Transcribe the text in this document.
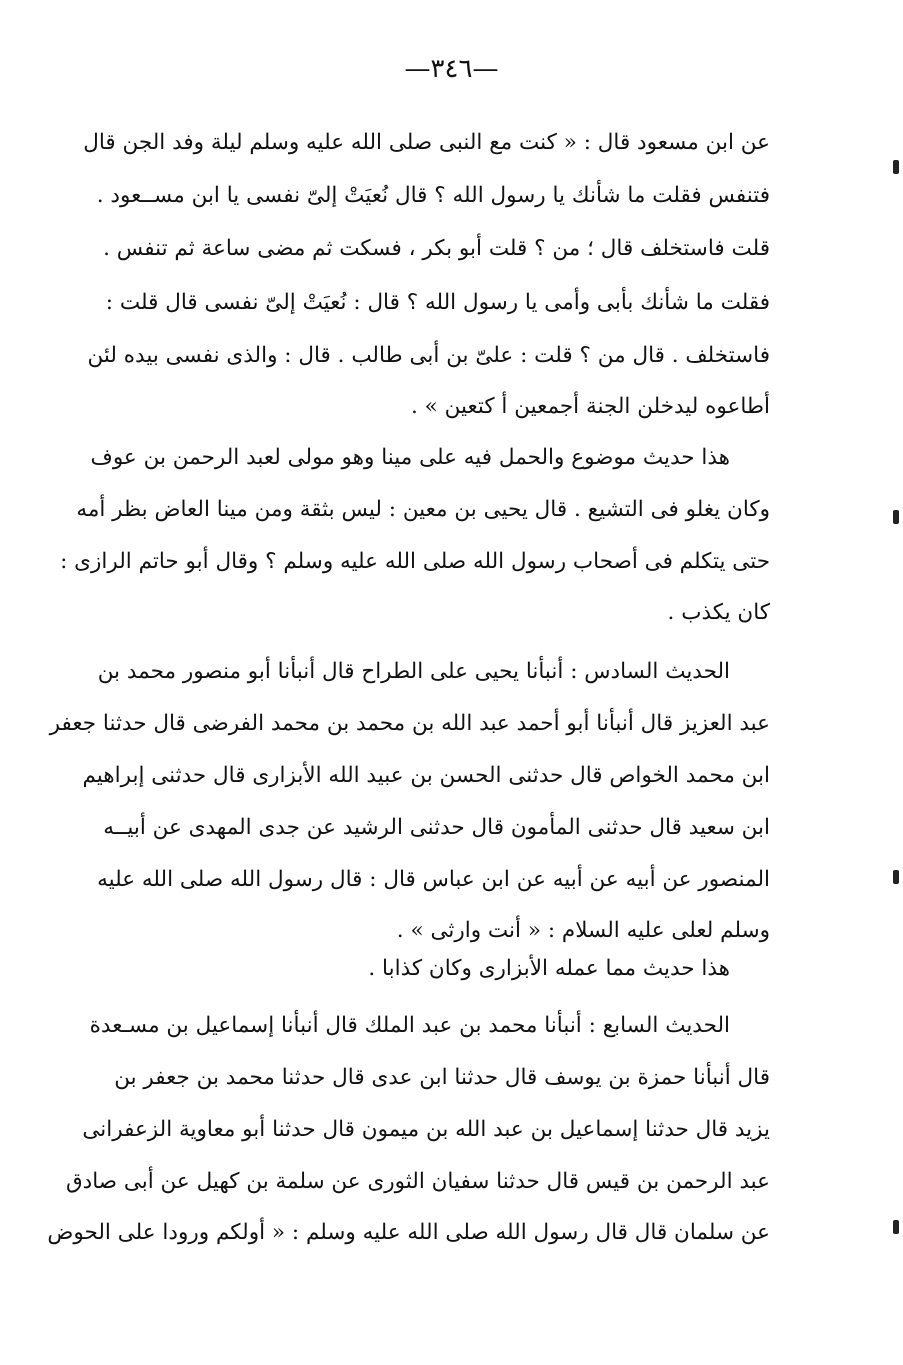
—٣٤٦—
عن ابن مسعود قال : « كنت مع النبى صلى الله عليه وسلم ليلة وفد الجن قال
فتنفس فقلت ما شأنك يا رسول الله ؟ قال نُعيَتْ إلىّ نفسى يا ابن مســعود .
قلت فاستخلف قال ؛ من ؟ قلت أبو بكر ، فسكت ثم مضى ساعة ثم تنفس .
فقلت ما شأنك بأبى وأمى يا رسول الله ؟ قال : نُعيَتْ إلىّ نفسى قال قلت :
فاستخلف . قال من ؟ قلت : علىّ بن أبى طالب . قال : والذى نفسى بيده لئن
أطاعوه ليدخلن الجنة أجمعين أ كتعين » .
هذا حديث موضوع والحمل فيه على مينا وهو مولى لعبد الرحمن بن عوف
وكان يغلو فى التشيع . قال يحيى بن معين : ليس بثقة ومن مينا العاض بظر أمه
حتى يتكلم فى أصحاب رسول الله صلى الله عليه وسلم ؟ وقال أبو حاتم الرازى :
كان يكذب .
الحديث السادس : أنبأنا يحيى على الطراح قال أنبأنا أبو منصور محمد بن
عبد العزيز قال أنبأنا أبو أحمد عبد الله بن محمد بن محمد الفرضى قال حدثنا جعفر
ابن محمد الخواص قال حدثنى الحسن بن عبيد الله الأبزارى قال حدثنى إبراهيم
ابن سعيد قال حدثنى المأمون قال حدثنى الرشيد عن جدى المهدى عن أبيــه
المنصور عن أبيه عن أبيه عن ابن عباس قال : قال رسول الله صلى الله عليه
وسلم لعلى عليه السلام : « أنت وارثى » .
هذا حديث مما عمله الأبزارى وكان كذابا .
الحديث السابع : أنبأنا محمد بن عبد الملك قال أنبأنا إسماعيل بن مسـعدة
قال أنبأنا حمزة بن يوسف قال حدثنا ابن عدى قال حدثنا محمد بن جعفر بن
يزيد قال حدثنا إسماعيل بن عبد الله بن ميمون قال حدثنا أبو معاوية الزعفرانى
عبد الرحمن بن قيس قال حدثنا سفيان الثورى عن سلمة بن كهيل عن أبى صادق
عن سلمان قال قال رسول الله صلى الله عليه وسلم : « أولكم ورودا على الحوض
